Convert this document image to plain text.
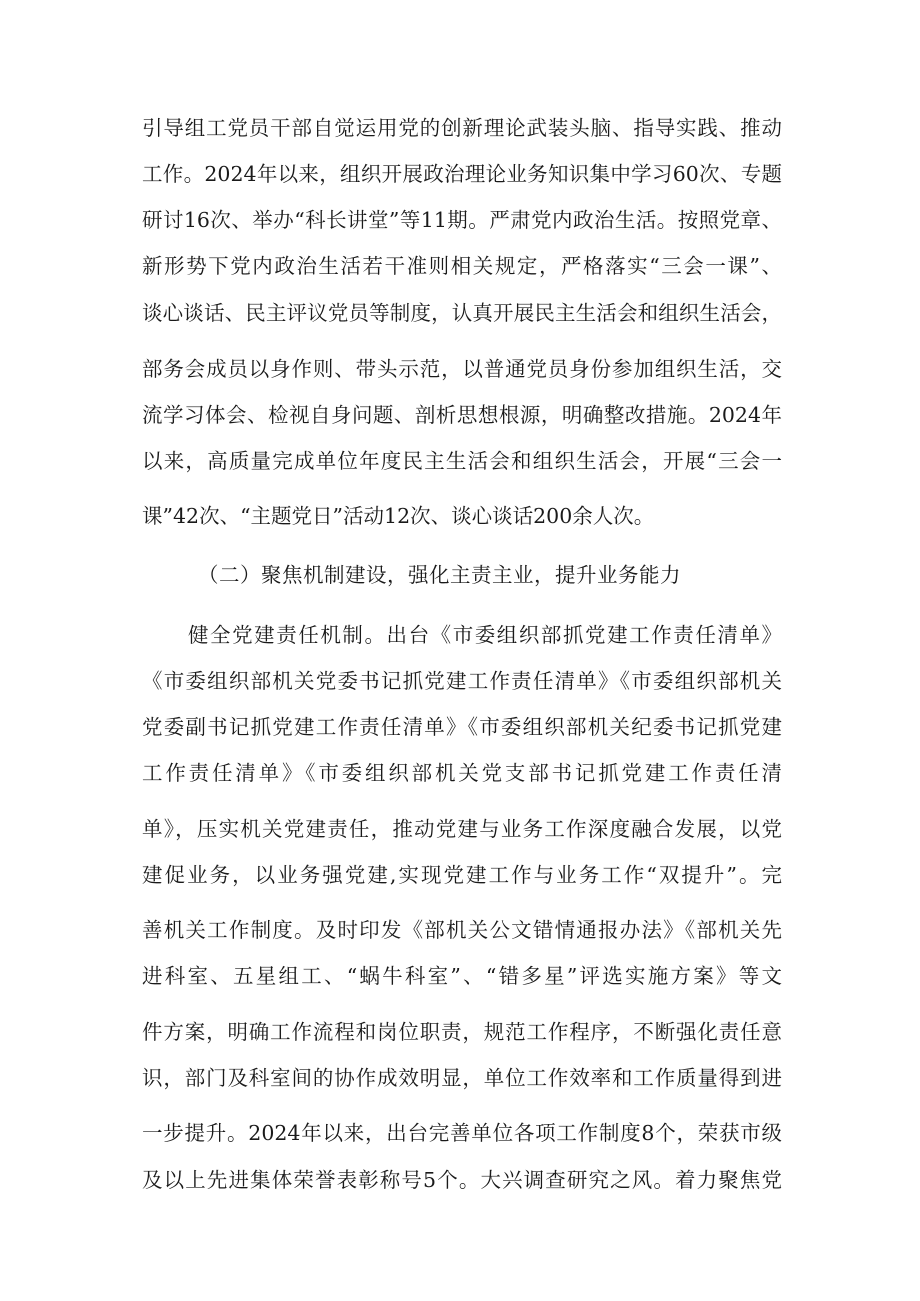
引导组工党员干部自觉运用党的创新理论武装头脑、指导实践、推动
工作。2024年以来，组织开展政治理论业务知识集中学习60次、专题
研讨16次、举办“科长讲堂”等11期。严肃党内政治生活。按照党章、
新形势下党内政治生活若干准则相关规定，严格落实“三会一课”、
谈心谈话、民主评议党员等制度，认真开展民主生活会和组织生活会，
部务会成员以身作则、带头示范，以普通党员身份参加组织生活，交
流学习体会、检视自身问题、剖析思想根源，明确整改措施。2024年
以来，高质量完成单位年度民主生活会和组织生活会，开展“三会一
课”42次、“主题党日”活动12次、谈心谈话200余人次。
（二）聚焦机制建设，强化主责主业，提升业务能力
健全党建责任机制。出台《市委组织部抓党建工作责任清单》
《市委组织部机关党委书记抓党建工作责任清单》《市委组织部机关
党委副书记抓党建工作责任清单》《市委组织部机关纪委书记抓党建
工作责任清单》《市委组织部机关党支部书记抓党建工作责任清
单》，压实机关党建责任，推动党建与业务工作深度融合发展，以党
建促业务，以业务强党建,实现党建工作与业务工作“双提升”。完
善机关工作制度。及时印发《部机关公文错情通报办法》《部机关先
进科室、五星组工、“蜗牛科室”、“错多星”评选实施方案》等文
件方案，明确工作流程和岗位职责，规范工作程序，不断强化责任意
识，部门及科室间的协作成效明显，单位工作效率和工作质量得到进
一步提升。2024年以来，出台完善单位各项工作制度8个，荣获市级
及以上先进集体荣誉表彰称号5个。大兴调查研究之风。着力聚焦党
